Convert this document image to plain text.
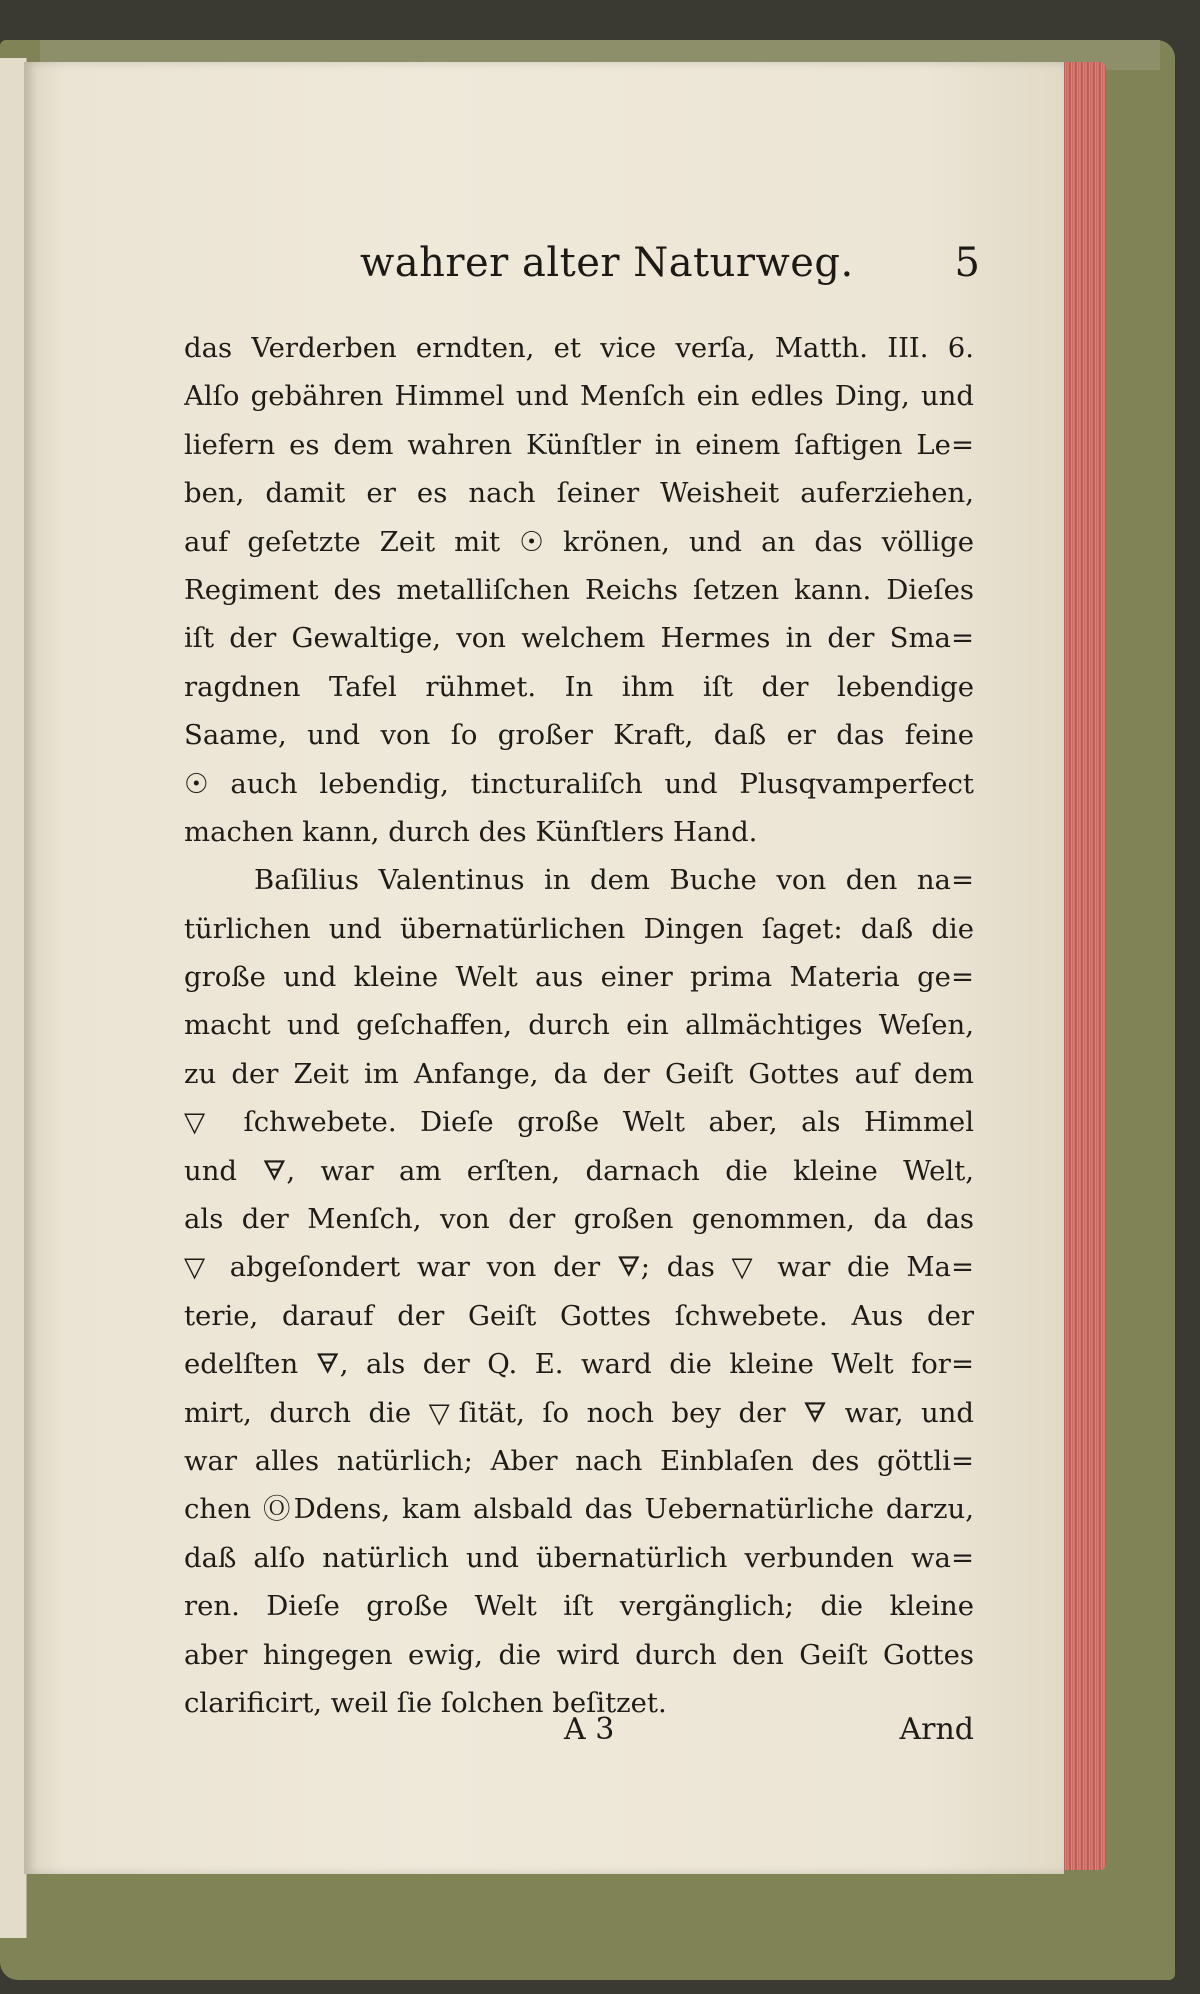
wahrer alter Naturweg.	5
das Verderben erndten, et vice verſa, Matth. III. 6.
Alſo gebähren Himmel und Menſch ein edles Ding, und
liefern es dem wahren Künſtler in einem ſaftigen Le=
ben, damit er es nach ſeiner Weisheit auferziehen,
auf geſetzte Zeit mit ☉ krönen, und an das völlige
Regiment des metalliſchen Reichs ſetzen kann. Dieſes
iſt der Gewaltige, von welchem Hermes in der Sma=
ragdnen Tafel rühmet. In ihm iſt der lebendige
Saame, und von ſo großer Kraft, daß er das feine
☉ auch lebendig, tincturaliſch und Plusqvamperfect
machen kann, durch des Künſtlers Hand.
Baſilius Valentinus in dem Buche von den na=
türlichen und übernatürlichen Dingen ſaget: daß die
große und kleine Welt aus einer prima Materia ge=
macht und geſchaffen, durch ein allmächtiges Weſen,
zu der Zeit im Anfange, da der Geiſt Gottes auf dem
▽ ſchwebete. Dieſe große Welt aber, als Himmel
und 🜃, war am erſten, darnach die kleine Welt,
als der Menſch, von der großen genommen, da das
▽ abgeſondert war von der 🜃; das ▽ war die Ma=
terie, darauf der Geiſt Gottes ſchwebete. Aus der
edelſten 🜃, als der Q. E. ward die kleine Welt for=
mirt, durch die ▽ſität, ſo noch bey der 🜃 war, und
war alles natürlich; Aber nach Einblaſen des göttli=
chen ⓄDdens, kam alsbald das Uebernatürliche darzu,
daß alſo natürlich und übernatürlich verbunden wa=
ren. Dieſe große Welt iſt vergänglich; die kleine
aber hingegen ewig, die wird durch den Geiſt Gottes
clarificirt, weil ſie ſolchen beſitzet.
A 3	Arnd
